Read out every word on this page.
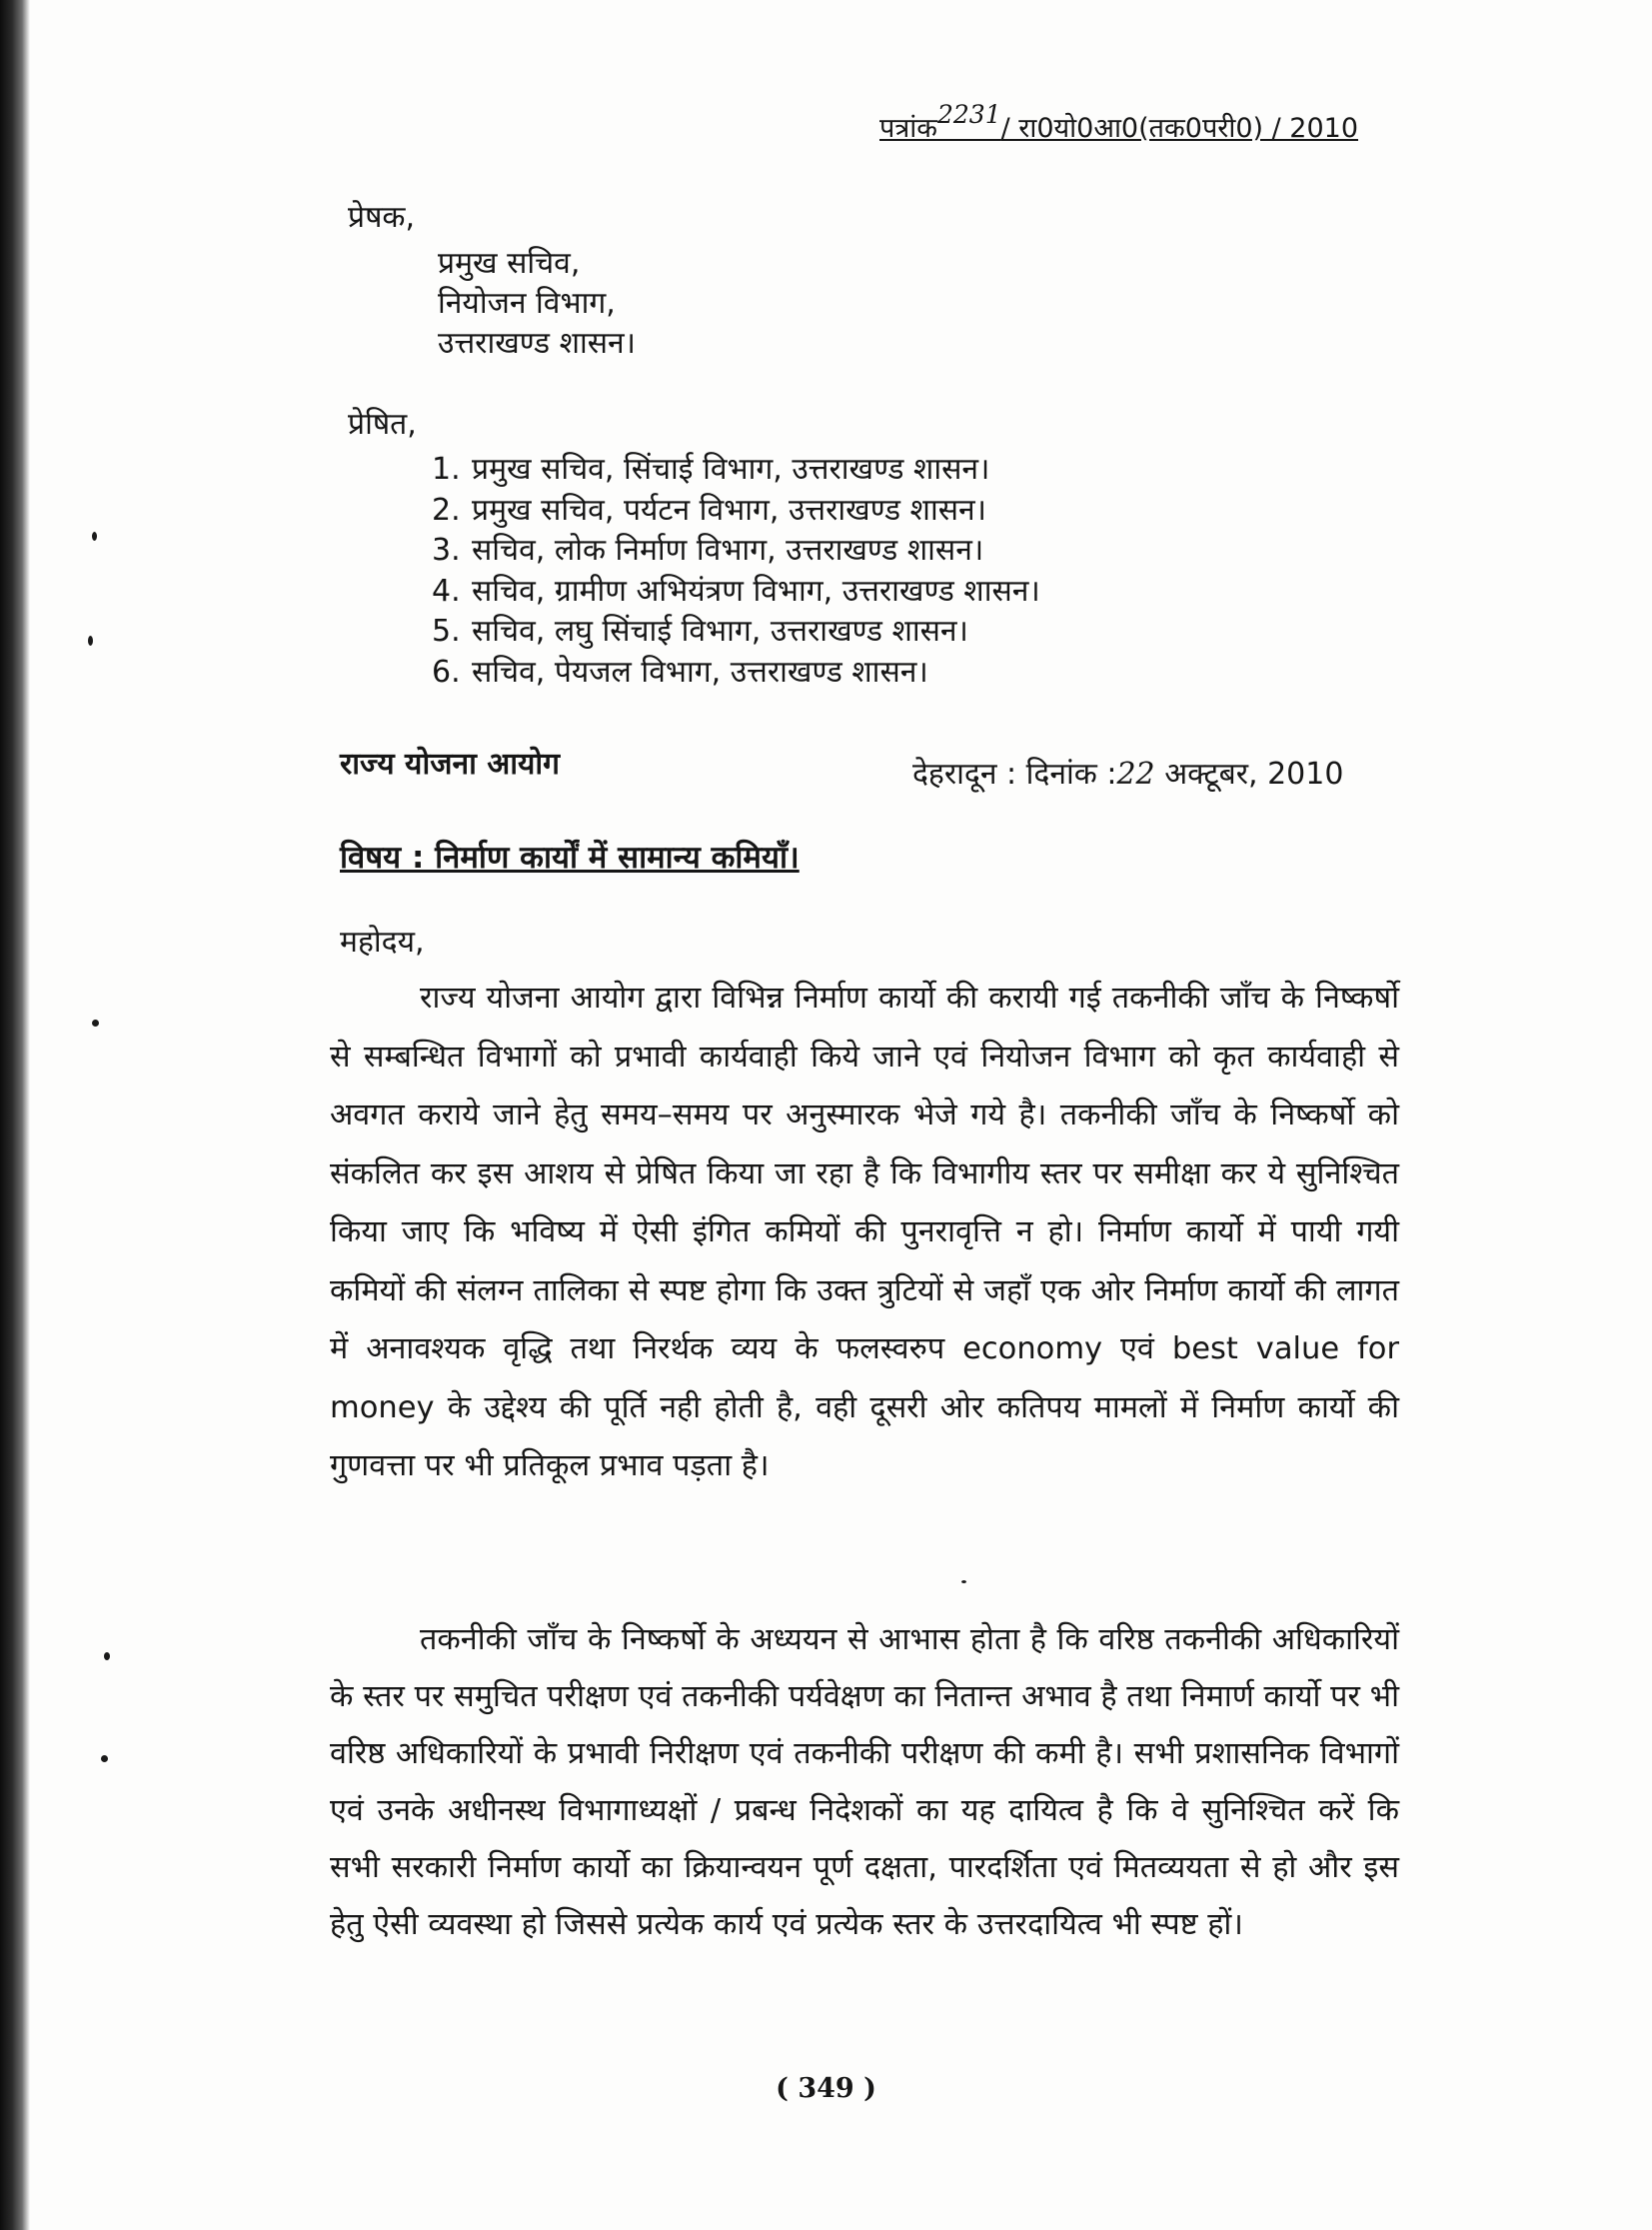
पत्रांक2231/ रा0यो0आ0(तक0परी0) / 2010
प्रेषक,
प्रमुख सचिव,
नियोजन विभाग,
उत्तराखण्ड शासन।
प्रेषित,
1. प्रमुख सचिव, सिंचाई विभाग, उत्तराखण्ड शासन।
2. प्रमुख सचिव, पर्यटन विभाग, उत्तराखण्ड शासन।
3. सचिव, लोक निर्माण विभाग, उत्तराखण्ड शासन।
4. सचिव, ग्रामीण अभियंत्रण विभाग, उत्तराखण्ड शासन।
5. सचिव, लघु सिंचाई विभाग, उत्तराखण्ड शासन।
6. सचिव, पेयजल विभाग, उत्तराखण्ड शासन।
राज्य योजना आयोग	देहरादून : दिनांक :22 अक्टूबर, 2010
विषय : निर्माण कार्यों में सामान्य कमियाँ।
महोदय,

राज्य योजना आयोग द्वारा विभिन्न निर्माण कार्यो की करायी गई तकनीकी जाँच के निष्कर्षो से सम्बन्धित विभागों को प्रभावी कार्यवाही किये जाने एवं नियोजन विभाग को कृत कार्यवाही से अवगत कराये जाने हेतु समय–समय पर अनुस्मारक भेजे गये है। तकनीकी जाँच के निष्कर्षो को संकलित कर इस आशय से प्रेषित किया जा रहा है कि विभागीय स्तर पर समीक्षा कर ये सुनिश्चित किया जाए कि भविष्य में ऐसी इंगित कमियों की पुनरावृत्ति न हो। निर्माण कार्यो में पायी गयी कमियों की संलग्न तालिका से स्पष्ट होगा कि उक्त त्रुटियों से जहाँ एक ओर निर्माण कार्यो की लागत में अनावश्यक वृद्धि तथा निरर्थक व्यय के फलस्वरुप economy एवं best value for money के उद्देश्य की पूर्ति नही होती है, वही दूसरी ओर कतिपय मामलों में निर्माण कार्यो की गुणवत्ता पर भी प्रतिकूल प्रभाव पड़ता है।

तकनीकी जाँच के निष्कर्षो के अध्ययन से आभास होता है कि वरिष्ठ तकनीकी अधिकारियों के स्तर पर समुचित परीक्षण एवं तकनीकी पर्यवेक्षण का नितान्त अभाव है तथा निमार्ण कार्यो पर भी वरिष्ठ अधिकारियों के प्रभावी निरीक्षण एवं तकनीकी परीक्षण की कमी है। सभी प्रशासनिक विभागों एवं उनके अधीनस्थ विभागाध्यक्षों / प्रबन्ध निदेशकों का यह दायित्व है कि वे सुनिश्चित करें कि सभी सरकारी निर्माण कार्यो का क्रियान्वयन पूर्ण दक्षता, पारदर्शिता एवं मितव्ययता से हो और इस हेतु ऐसी व्यवस्था हो जिससे प्रत्येक कार्य एवं प्रत्येक स्तर के उत्तरदायित्व भी स्पष्ट हों।

( 349 )
